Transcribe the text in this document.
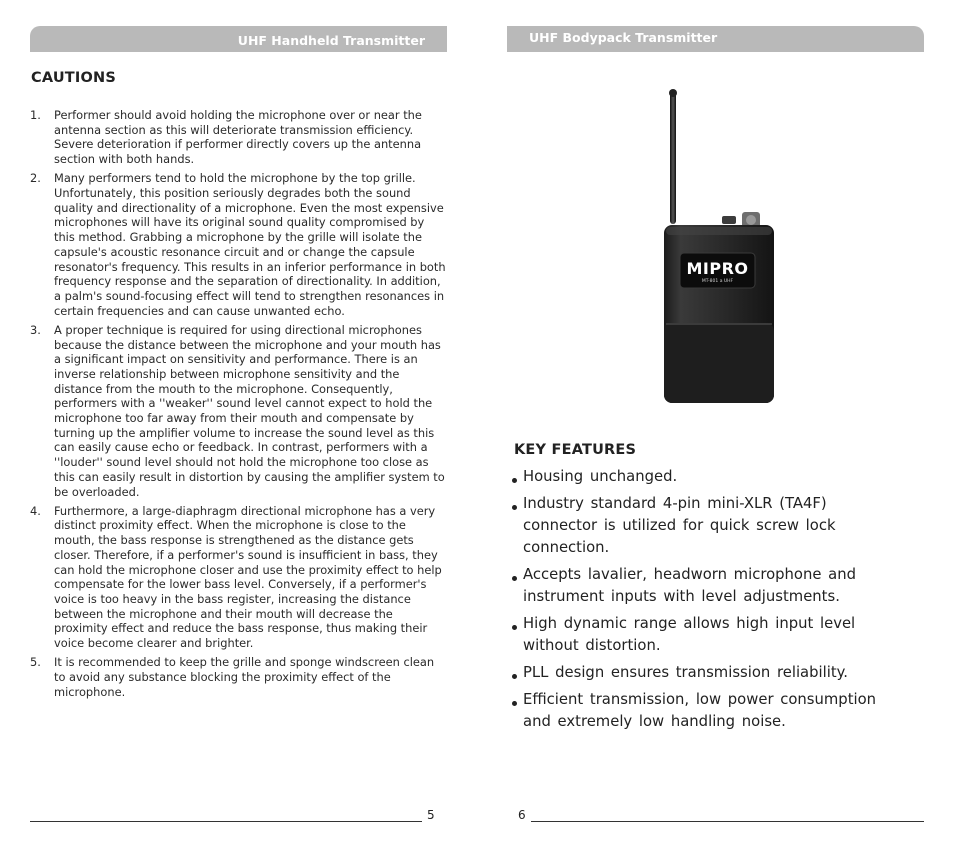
UHF Handheld Transmitter
CAUTIONS
1. Performer should avoid holding the microphone over or near the antenna section as this will deteriorate transmission efficiency. Severe deterioration if performer directly covers up the antenna section with both hands.
2. Many performers tend to hold the microphone by the top grille. Unfortunately, this position seriously degrades both the sound quality and directionality of a microphone. Even the most expensive microphones will have its original sound quality compromised by this method. Grabbing a microphone by the grille will isolate the capsule's acoustic resonance circuit and or change the capsule resonator's frequency. This results in an inferior performance in both frequency response and the separation of directionality. In addition, a palm's sound-focusing effect will tend to strengthen resonances in certain frequencies and can cause unwanted echo.
3. A proper technique is required for using directional microphones because the distance between the microphone and your mouth has a significant impact on sensitivity and performance. There is an inverse relationship between microphone sensitivity and the distance from the mouth to the microphone. Consequently, performers with a ''weaker'' sound level cannot expect to hold the microphone too far away from their mouth and compensate by turning up the amplifier volume to increase the sound level as this can easily cause echo or feedback. In contrast, performers with a ''louder'' sound level should not hold the microphone too close as this can easily result in distortion by causing the amplifier system to be overloaded.
4. Furthermore, a large-diaphragm directional microphone has a very distinct proximity effect. When the microphone is close to the mouth, the bass response is strengthened as the distance gets closer. Therefore, if a performer's sound is insufficient in bass, they can hold the microphone closer and use the proximity effect to help compensate for the lower bass level. Conversely, if a performer's voice is too heavy in the bass register, increasing the distance between the microphone and their mouth will decrease the proximity effect and reduce the bass response, thus making their voice become clearer and brighter.
5. It is recommended to keep the grille and sponge windscreen clean to avoid any substance blocking the proximity effect of the microphone.
5
UHF Bodypack Transmitter
MIPRO
MT-801 a UHF
KEY FEATURES
Housing unchanged.
Industry standard 4-pin mini-XLR (TA4F) connector is utilized for quick screw lock connection.
Accepts lavalier, headworn microphone and instrument inputs with level adjustments.
High dynamic range allows high input level without distortion.
PLL design ensures transmission reliability.
Efficient transmission, low power consumption and extremely low handling noise.
6
